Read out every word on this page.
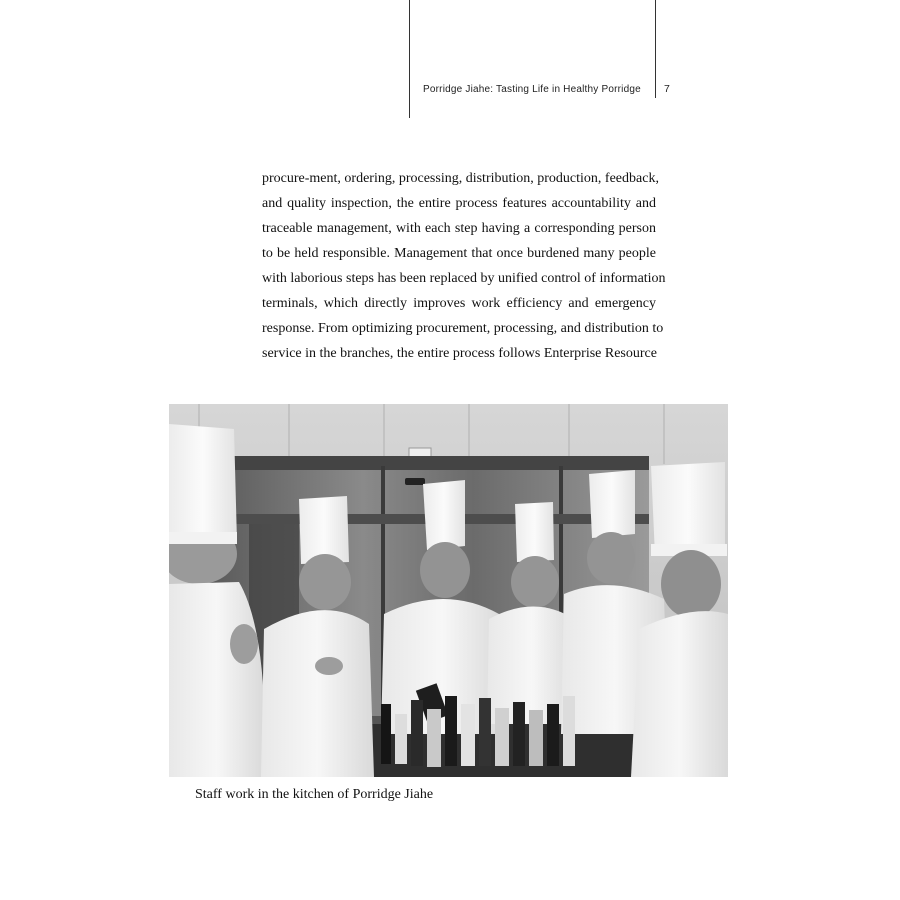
Porridge Jiahe: Tasting Life in Healthy Porridge 7
procure-ment, ordering, processing, distribution, production, feedback,
and quality inspection, the entire process features accountability and
traceable management, with each step having a corresponding person
to be held responsible. Management that once burdened many people
with laborious steps has been replaced by unified control of information
terminals, which directly improves work efficiency and emergency
response. From optimizing procurement, processing, and distribution to
service in the branches, the entire process follows Enterprise Resource
Staff work in the kitchen of Porridge Jiahe
